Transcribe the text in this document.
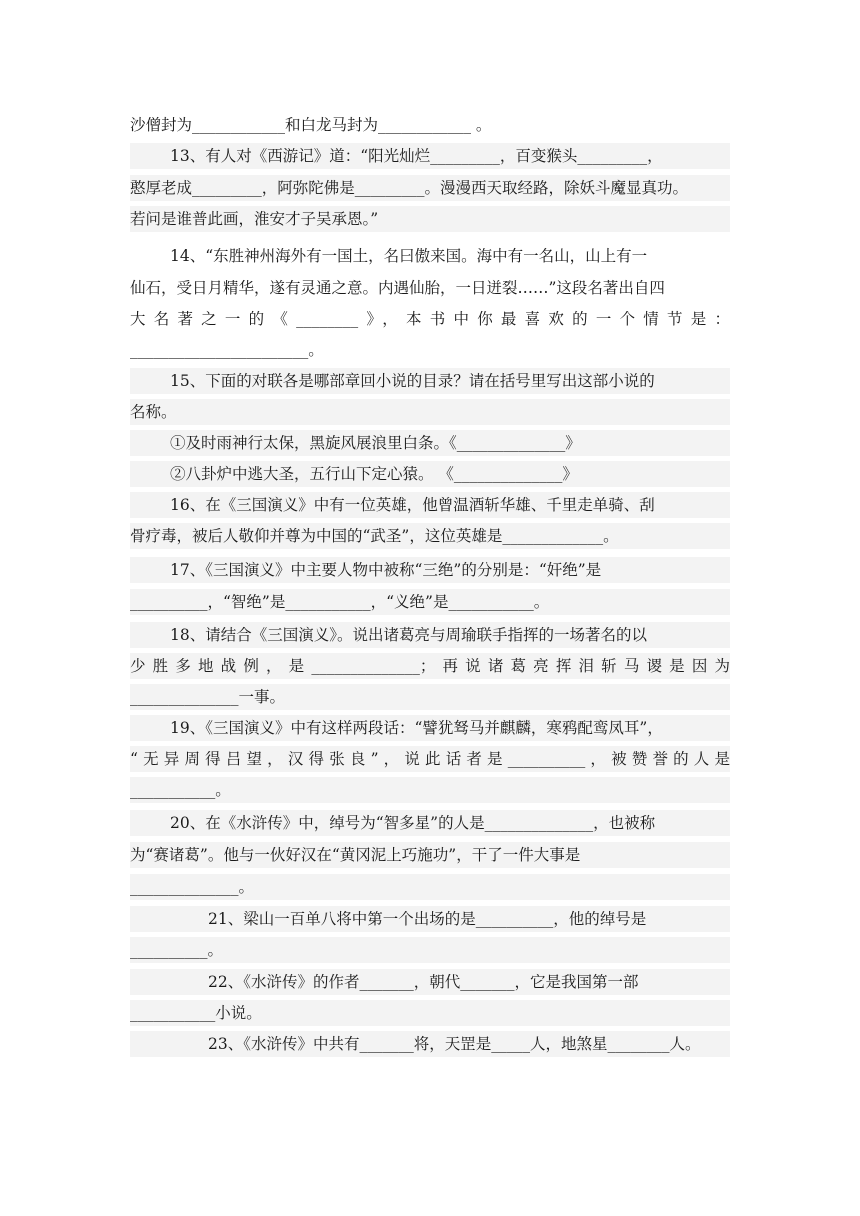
沙僧封为____________和白龙马封为____________ 。
13、有人对《西游记》道：“阳光灿烂_________，百变猴头_________，
憨厚老成_________，阿弥陀佛是_________。漫漫西天取经路，除妖斗魔显真功。
若问是谁普此画，淮安才子吴承恩。”
14、“东胜神州海外有一国土，名曰傲来国。海中有一名山，山上有一
仙石，受日月精华，遂有灵通之意。内遇仙胎，一日迸裂……”这段名著出自四
大名著之一的《________》，本书中你最喜欢的一个情节是：
_______________________。
15、下面的对联各是哪部章回小说的目录？请在括号里写出这部小说的
名称。
①及时雨神行太保，黑旋风展浪里白条。《______________》
②八卦炉中逃大圣，五行山下定心猿。 《______________》
16、在《三国演义》中有一位英雄，他曾温酒斩华雄、千里走单骑、刮
骨疗毒，被后人敬仰并尊为中国的“武圣”，这位英雄是_____________。
17、《三国演义》中主要人物中被称“三绝”的分别是：“奸绝”是
__________，“智绝”是___________，“义绝”是___________。
18、请结合《三国演义》。说出诸葛亮与周瑜联手指挥的一场著名的以
少胜多地战例，是______________；再说诸葛亮挥泪斩马谡是因为
______________一事。
19、《三国演义》中有这样两段话：“譬犹驽马并麒麟，寒鸦配鸾凤耳”，
“无异周得吕望，汉得张良”，说此话者是__________，被赞誉的人是
___________。
20、在《水浒传》中，绰号为“智多星”的人是______________，也被称
为“赛诸葛”。他与一伙好汉在“黄冈泥上巧施功”，干了一件大事是
______________。
21、梁山一百单八将中第一个出场的是__________，他的绰号是
__________。
22、《水浒传》的作者_______，朝代_______，它是我国第一部
___________小说。
23、《水浒传》中共有_______将，天罡是_____人，地煞星________人。
